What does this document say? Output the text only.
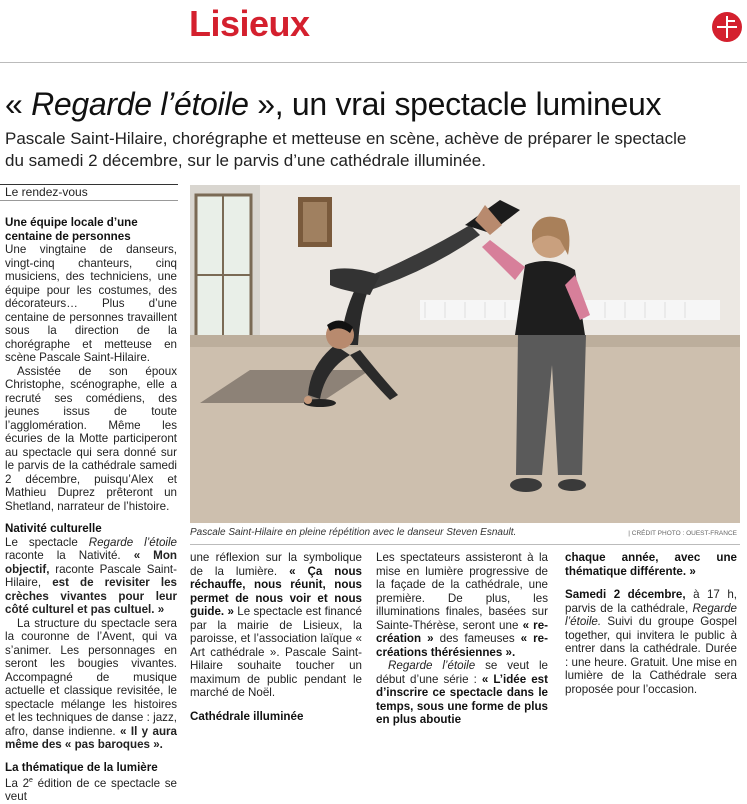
Lisieux
« Regarde l’étoile », un vrai spectacle lumineux
Pascale Saint-Hilaire, chorégraphe et metteuse en scène, achève de préparer le spectacle
du samedi 2 décembre, sur le parvis d’une cathédrale illuminée.
Le rendez-vous
Une équipe locale d’une centaine de personnes

Une vingtaine de danseurs, vingt-cinq chanteurs, cinq musiciens, des techniciens, une équipe pour les costumes, des décorateurs… Plus d’une centaine de personnes travaillent sous la direction de la chorégraphe et metteuse en scène Pascale Saint-Hilaire.

Assistée de son époux Christophe, scénographe, elle a recruté ses comédiens, des jeunes issus de toute l’agglomération. Même les écuries de la Motte participeront au spectacle qui sera donné sur le parvis de la cathédrale samedi 2 décembre, puisqu’Alex et Mathieu Duprez prêteront un Shetland, narrateur de l’histoire.

Nativité culturelle

Le spectacle Regarde l’étoile raconte la Nativité. « Mon objectif, raconte Pascale Saint-Hilaire, est de revisiter les crèches vivantes pour leur côté culturel et pas cultuel. »

La structure du spectacle sera la couronne de l’Avent, qui va s’animer. Les personnages en seront les bougies vivantes. Accompagné de musique actuelle et classique revisitée, le spectacle mélange les histoires et les techniques de danse : jazz, afro, danse indienne. « Il y aura même des « pas baroques ».

La thématique de la lumière

La 2e édition de ce spectacle se veut

Pascale Saint-Hilaire en pleine répétition avec le danseur Steven Esnault.	| CRÉDIT PHOTO : OUEST-FRANCE

une réflexion sur la symbolique de la lumière. « Ça nous réchauffe, nous réunit, nous permet de nous voir et nous guide. » Le spectacle est financé par la mairie de Lisieux, la paroisse, et l’association laïque « Art cathédrale ». Pascale Saint-Hilaire souhaite toucher un maximum de public pendant le marché de Noël.

Cathédrale illuminée

Les spectateurs assisteront à la mise en lumière progressive de la façade de la cathédrale, une première. De plus, les illuminations finales, basées sur Sainte-Thérèse, seront une « re-création » des fameuses « re-créations thérésiennes ».

Regarde l’étoile se veut le début d’une série : « L’idée est d’inscrire ce spectacle dans le temps, sous une forme de plus en plus aboutie

chaque année, avec une thématique différente. »

Samedi 2 décembre, à 17 h, parvis de la cathédrale, Regarde l’étoile. Suivi du groupe Gospel together, qui invitera le public à entrer dans la cathédrale. Durée : une heure. Gratuit. Une mise en lumière de la Cathédrale sera proposée pour l’occasion.
